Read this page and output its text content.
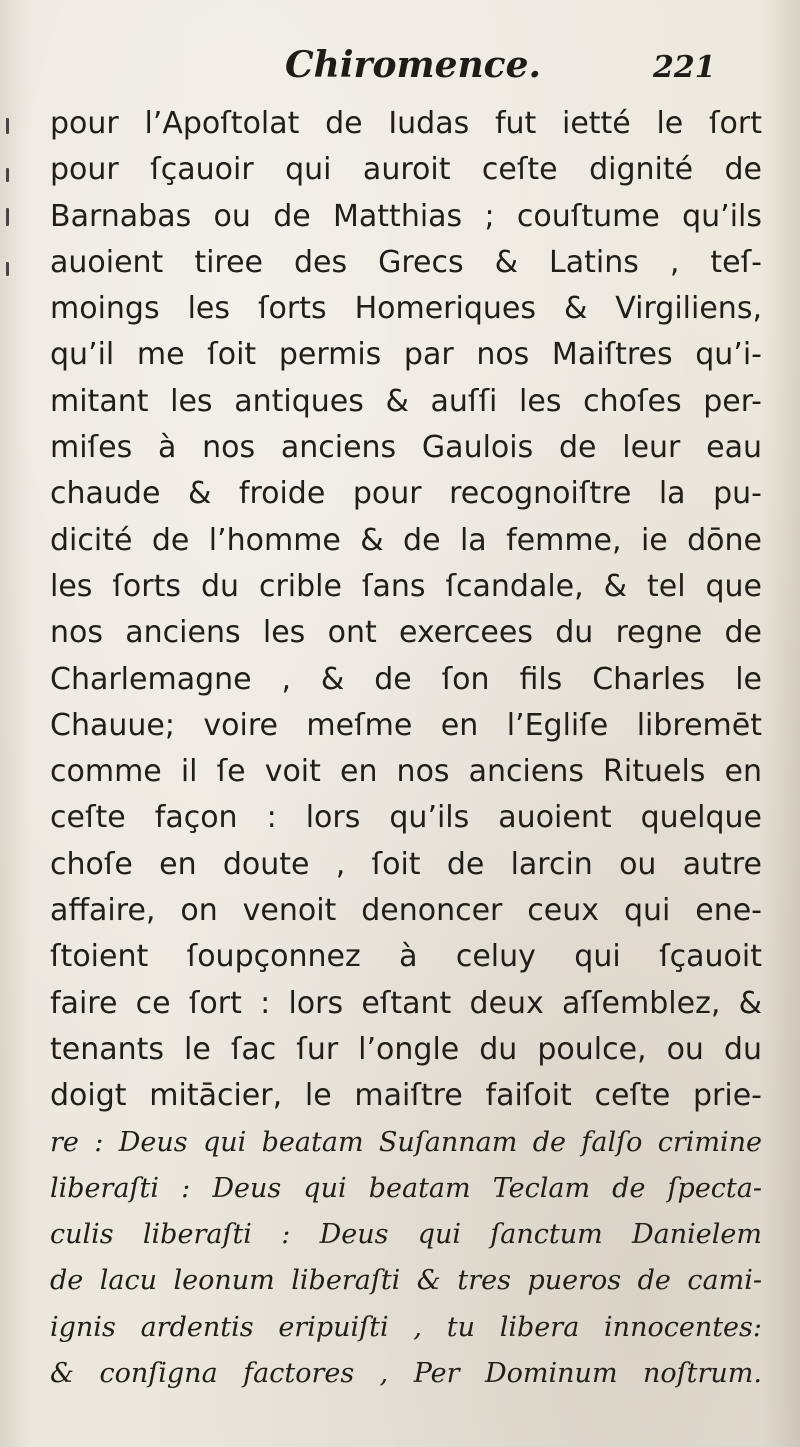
Chiromence.	221
pour l’Apoſtolat de Iudas fut ietté le ſort
pour ſçauoir qui auroit ceſte dignité de
Barnabas ou de Matthias ; couſtume qu’ils
auoient tiree des Grecs & Latins , teſ-
moings les ſorts Homeriques & Virgiliens,
qu’il me ſoit permis par nos Maiſtres qu’i-
mitant les antiques & auſſi les choſes per-
miſes à nos anciens Gaulois de leur eau
chaude & froide pour recognoiſtre la pu-
dicité de l’homme & de la femme, ie dōne
les ſorts du crible ſans ſcandale, & tel que
nos anciens les ont exercees du regne de
Charlemagne , & de ſon fils Charles le
Chauue; voire meſme en l’Egliſe libremēt
comme il ſe voit en nos anciens Rituels en
ceſte façon : lors qu’ils auoient quelque
choſe en doute , ſoit de larcin ou autre
affaire, on venoit denoncer ceux qui ene-
ſtoient ſoupçonnez à celuy qui ſçauoit
faire ce ſort : lors eſtant deux aſſemblez, &
tenants le ſac ſur l’ongle du poulce, ou du
doigt mitācier, le maiſtre faiſoit ceſte prie-
re : Deus qui beatam Suſannam de falſo crimine
liberaſti : Deus qui beatam Teclam de ſpecta-
culis liberaſti : Deus qui ſanctum Danielem
de lacu leonum liberaſti & tres pueros de cami-
ignis ardentis eripuiſti , tu libera innocentes:
& conſigna factores , Per Dominum noſtrum.
